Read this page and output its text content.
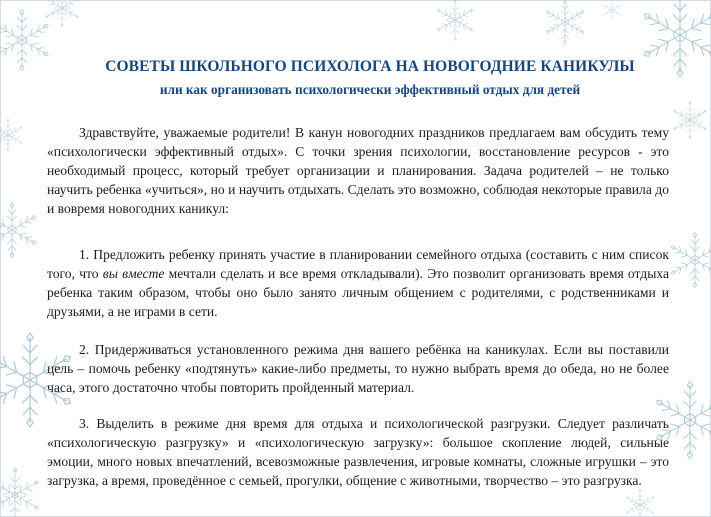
СОВЕТЫ ШКОЛЬНОГО ПСИХОЛОГА НА НОВОГОДНИЕ КАНИКУЛЫ
или как организовать психологически эффективный отдых для детей

Здравствуйте, уважаемые родители! В канун новогодних праздников предлагаем вам обсудить тему «психологически эффективный отдых». С точки зрения психологии, восстановление ресурсов - это необходимый процесс, который требует организации и планирования. Задача родителей – не только научить ребенка «учиться», но и научить отдыхать. Сделать это возможно, соблюдая некоторые правила до и вовремя новогодних каникул:

1. Предложить ребенку принять участие в планировании семейного отдыха (составить с ним список того, что вы вместе мечтали сделать и все время откладывали). Это позволит организовать время отдыха ребенка таким образом, чтобы оно было занято личным общением с родителями, с родственниками и друзьями, а не играми в сети.

2. Придерживаться установленного режима дня вашего ребёнка на каникулах. Если вы поставили цель – помочь ребенку «подтянуть» какие-либо предметы, то нужно выбрать время до обеда, но не более часа, этого достаточно чтобы повторить пройденный материал.

3. Выделить в режиме дня время для отдыха и психологической разгрузки. Следует различать «психологическую разгрузку» и «психологическую загрузку»: большое скопление людей, сильные эмоции, много новых впечатлений, всевозможные развлечения, игровые комнаты, сложные игрушки – это загрузка, а время, проведённое с семьей, прогулки, общение с животными, творчество – это разгрузка.
